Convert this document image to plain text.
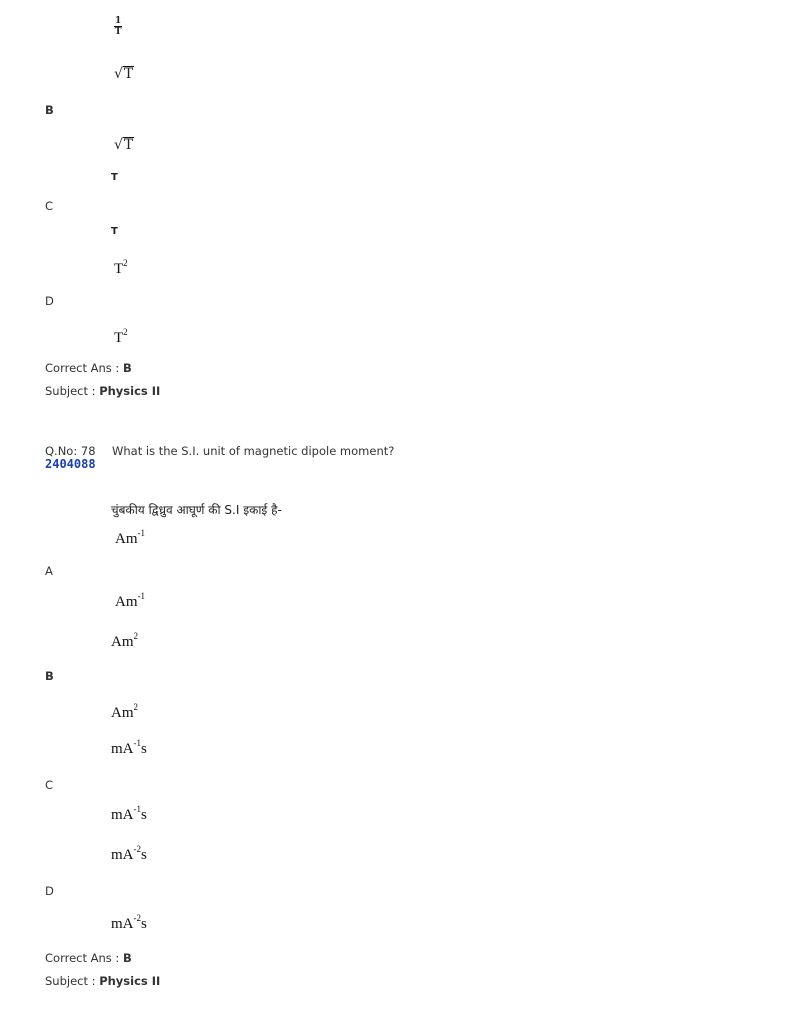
$\frac{1}{T}$
√T
B
√T
T
C
T
$T^2$
D
$T^2$
Correct Ans : B
Subject : Physics II
Q.No: 78 What is the S.I. unit of magnetic dipole moment?
2404088
चुंबकीय द्विध्रुव आघूर्ण की S.I इकाई है-
$Am^{-1}$
A
$Am^{-1}$
Am$^2$
B
Am$^2$
$mA^{-1}s$
C
$mA^{-1}s$
$mA^{-2}s$
D
$mA^{-2}s$
Correct Ans : B
Subject : Physics II
